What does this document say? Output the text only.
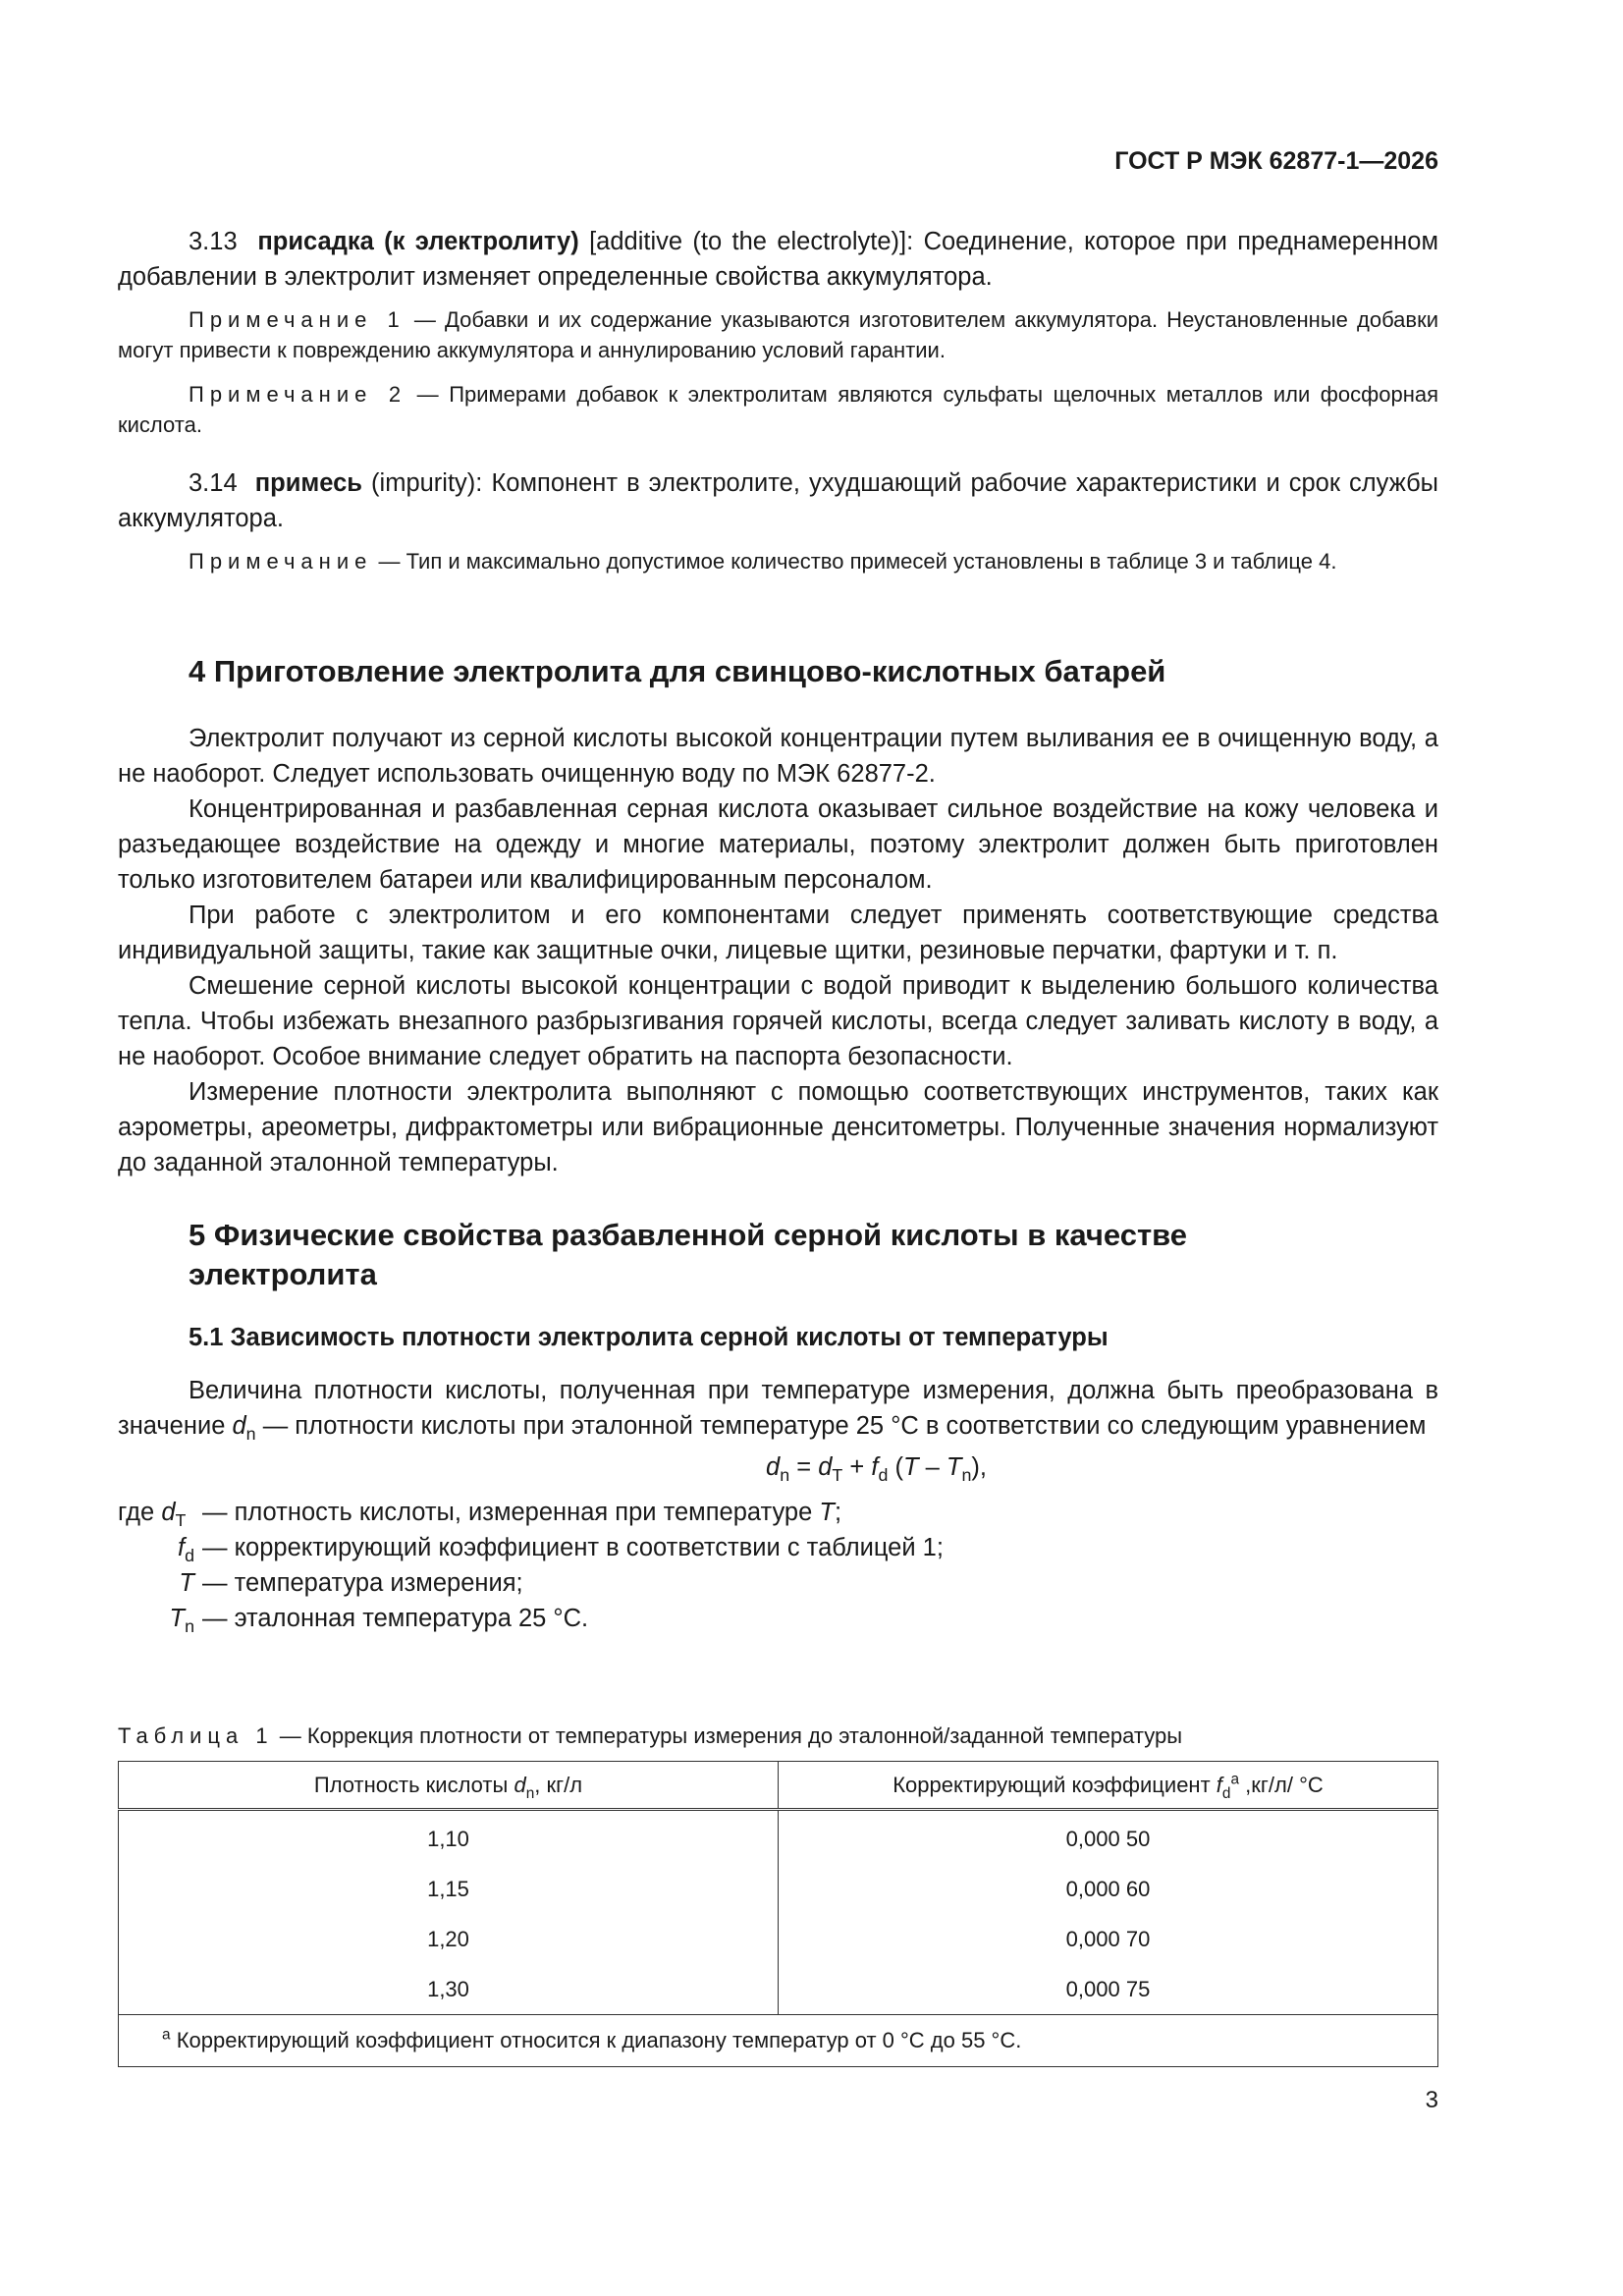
ГОСТ Р МЭК 62877-1—2026

3.13 присадка (к электролиту) [additive (to the electrolyte)]: Соединение, которое при преднамеренном добавлении в электролит изменяет определенные свойства аккумулятора.

Примечание 1 — Добавки и их содержание указываются изготовителем аккумулятора. Неустановленные добавки могут привести к повреждению аккумулятора и аннулированию условий гарантии.

Примечание 2 — Примерами добавок к электролитам являются сульфаты щелочных металлов или фосфорная кислота.

3.14 примесь (impurity): Компонент в электролите, ухудшающий рабочие характеристики и срок службы аккумулятора.

Примечание — Тип и максимально допустимое количество примесей установлены в таблице 3 и таблице 4.

4 Приготовление электролита для свинцово-кислотных батарей

Электролит получают из серной кислоты высокой концентрации путем выливания ее в очищенную воду, а не наоборот. Следует использовать очищенную воду по МЭК 62877-2.

Концентрированная и разбавленная серная кислота оказывает сильное воздействие на кожу человека и разъедающее воздействие на одежду и многие материалы, поэтому электролит должен быть приготовлен только изготовителем батареи или квалифицированным персоналом.

При работе с электролитом и его компонентами следует применять соответствующие средства индивидуальной защиты, такие как защитные очки, лицевые щитки, резиновые перчатки, фартуки и т. п.

Смешение серной кислоты высокой концентрации с водой приводит к выделению большого количества тепла. Чтобы избежать внезапного разбрызгивания горячей кислоты, всегда следует заливать кислоту в воду, а не наоборот. Особое внимание следует обратить на паспорта безопасности.

Измерение плотности электролита выполняют с помощью соответствующих инструментов, таких как аэрометры, ареометры, дифрактометры или вибрационные денситометры. Полученные значения нормализуют до заданной эталонной температуры.

5 Физические свойства разбавленной серной кислоты в качестве
электролита

5.1 Зависимость плотности электролита серной кислоты от температуры

Величина плотности кислоты, полученная при температуре измерения, должна быть преобразована в значение $d_n$ — плотности кислоты при эталонной температуре 25 °С в соответствии со следующим уравнением

$d_n = d_T + f_d$ $(T - T_n)$,

где $d_T$ — плотность кислоты, измеренная при температуре T;
$f_d$ — корректирующий коэффициент в соответствии с таблицей 1;
T — температура измерения;
$T_n$ — эталонная температура 25 °С.

Таблица 1 — Коррекция плотности от температуры измерения до эталонной/заданной температуры

Плотность кислоты $d_n$, кг/л	Корректирующий коэффициент $f_d^a$ ,кг/л/ °С
1,10	0,000 50
1,15	0,000 60
1,20	0,000 70
1,30	0,000 75
$^a$ Корректирующий коэффициент относится к диапазону температур от 0 °С до 55 °С.	
3
